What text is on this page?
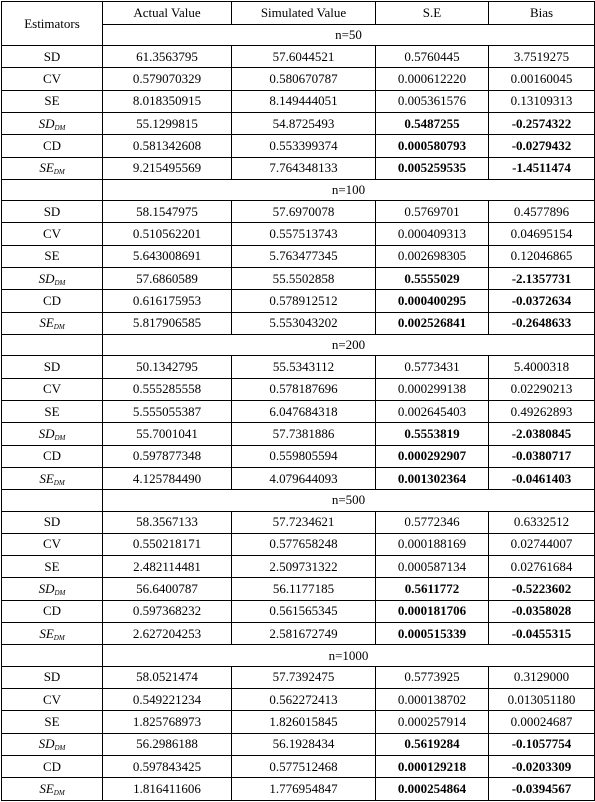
Estimators	Actual Value	Simulated Value	S.E	Bias
	n=50			
SD	61.3563795	57.6044521	0.5760445	3.7519275
CV	0.579070329	0.580670787	0.000612220	0.00160045
SE	8.018350915	8.149444051	0.005361576	0.13109313
$SD_{DM}$	55.1299815	54.8725493	0.5487255	-0.2574322
CD	0.581342608	0.553399374	0.000580793	-0.0279432
$SE_{DM}$	9.215495569	7.764348133	0.005259535	-1.4511474
	n=100			
SD	58.1547975	57.6970078	0.5769701	0.4577896
CV	0.510562201	0.557513743	0.000409313	0.04695154
SE	5.643008691	5.763477345	0.002698305	0.12046865
$SD_{DM}$	57.6860589	55.5502858	0.5555029	-2.1357731
CD	0.616175953	0.578912512	0.000400295	-0.0372634
$SE_{DM}$	5.817906585	5.553043202	0.002526841	-0.2648633
	n=200			
SD	50.1342795	55.5343112	0.5773431	5.4000318
CV	0.555285558	0.578187696	0.000299138	0.02290213
SE	5.555055387	6.047684318	0.002645403	0.49262893
$SD_{DM}$	55.7001041	57.7381886	0.5553819	-2.0380845
CD	0.597877348	0.559805594	0.000292907	-0.0380717
$SE_{DM}$	4.125784490	4.079644093	0.001302364	-0.0461403
	n=500			
SD	58.3567133	57.7234621	0.5772346	0.6332512
CV	0.550218171	0.577658248	0.000188169	0.02744007
SE	2.482114481	2.509731322	0.000587134	0.02761684
$SD_{DM}$	56.6400787	56.1177185	0.5611772	-0.5223602
CD	0.597368232	0.561565345	0.000181706	-0.0358028
$SE_{DM}$	2.627204253	2.581672749	0.000515339	-0.0455315
	n=1000			
SD	58.0521474	57.7392475	0.5773925	0.3129000
CV	0.549221234	0.562272413	0.000138702	0.013051180
SE	1.825768973	1.826015845	0.000257914	0.00024687
$SD_{DM}$	56.2986188	56.1928434	0.5619284	-0.1057754
CD	0.597843425	0.577512468	0.000129218	-0.0203309
$SE_{DM}$	1.816411606	1.776954847	0.000254864	-0.0394567
